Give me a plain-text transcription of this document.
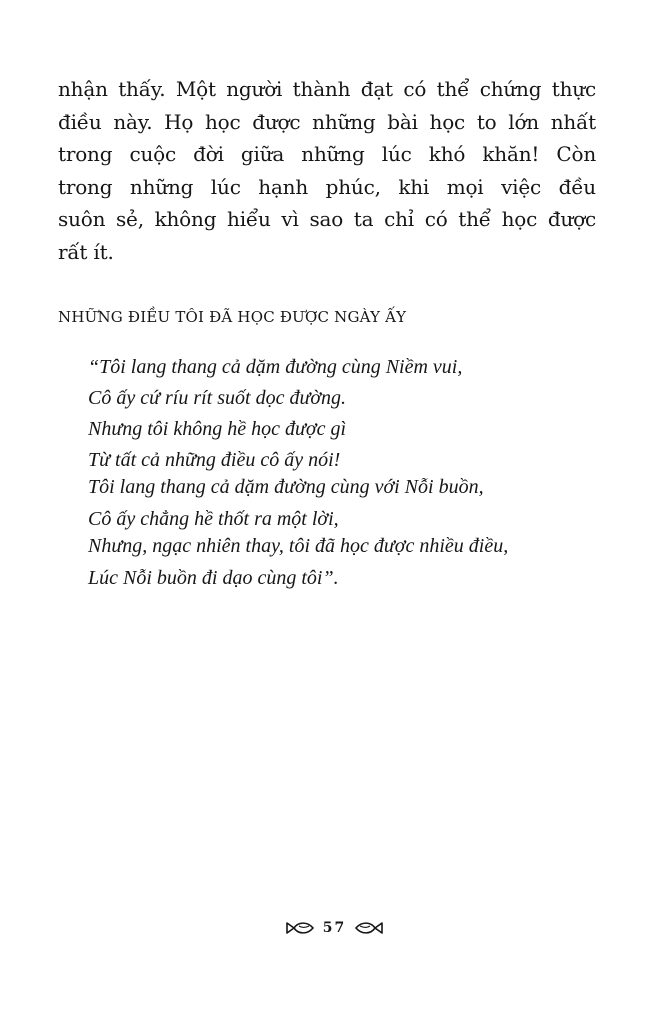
nhận thấy. Một người thành đạt có thể chứng thực
điều này. Họ học được những bài học to lớn nhất
trong cuộc đời giữa những lúc khó khăn! Còn
trong những lúc hạnh phúc, khi mọi việc đều
suôn sẻ, không hiểu vì sao ta chỉ có thể học được
rất ít.
NHỮNG ĐIỀU TÔI ĐÃ HỌC ĐƯỢC NGÀY ẤY
“Tôi lang thang cả dặm đường cùng Niềm vui,
Cô ấy cứ ríu rít suốt dọc đường.
Nhưng tôi không hề học được gì
Từ tất cả những điều cô ấy nói!
Tôi lang thang cả dặm đường cùng với Nỗi buồn,
Cô ấy chẳng hề thốt ra một lời,
Nhưng, ngạc nhiên thay, tôi đã học được nhiều điều,
Lúc Nỗi buồn đi dạo cùng tôi”.
57
